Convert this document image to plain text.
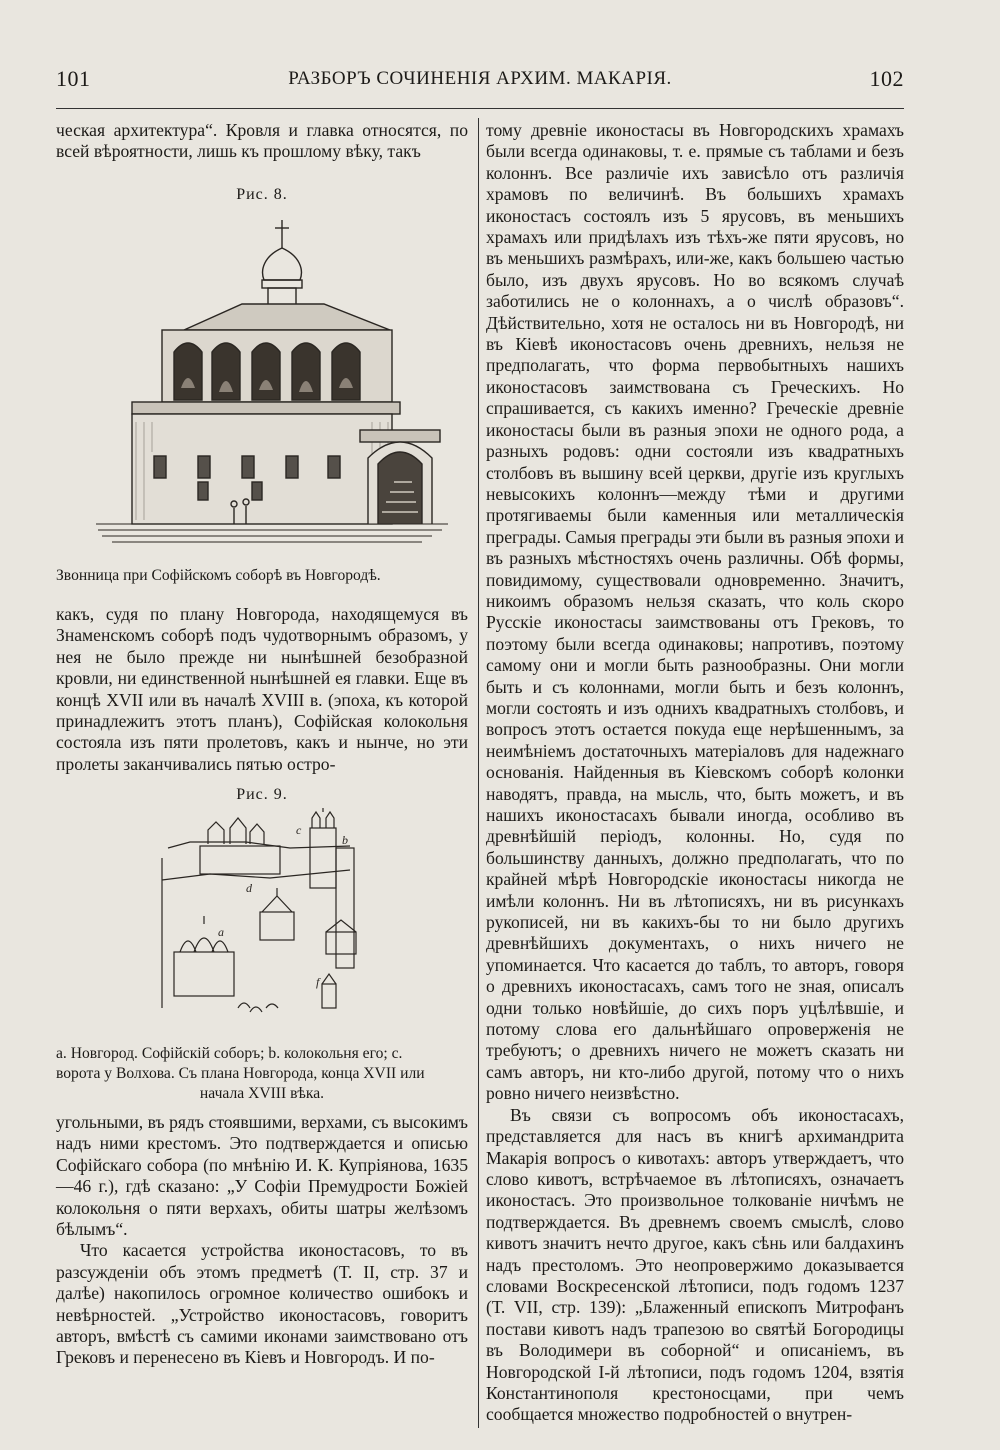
101	РАЗБОРЪ СОЧИНЕНІЯ АРХИМ. МАКАРІЯ.	102

ческая архитектура“. Кровля и главка относятся, по всей вѣроятности, лишь къ прошлому вѣку, такъ

Рис. 8.
Звонница при Софійскомъ соборѣ въ Новгородѣ.

какъ, судя по плану Новгорода, находящемуся въ Знаменскомъ соборѣ подъ чудотворнымъ образомъ, у нея не было прежде ни нынѣшней безобразной кровли, ни единственной нынѣшней ея главки. Еще въ концѣ XVII или въ началѣ XVIII в. (эпоха, къ которой принадлежитъ этотъ планъ), Софійская колокольня состояла изъ пяти пролетовъ, какъ и нынче, но эти пролеты заканчивались пятью остро-

Рис. 9.
a
c
b
d
f
a. Новгород. Софійскій соборъ; b. колокольня его; c.
ворота у Волхова. Съ плана Новгорода, конца XVII или
начала XVIII вѣка.

угольными, въ рядъ стоявшими, верхами, съ высокимъ надъ ними крестомъ. Это подтверждается и описью Софійскаго собора (по мнѣнію И. К. Купріянова, 1635—46 г.), гдѣ сказано: „У Софіи Премудрости Божіей колокольня о пяти верхахъ, обиты шатры желѣзомъ бѣлымъ“.

Что касается устройства иконостасовъ, то въ разсужденіи объ этомъ предметѣ (Т. II, стр. 37 и далѣе) накопилось огромное количество ошибокъ и невѣрностей. „Устройство иконостасовъ, говоритъ авторъ, вмѣстѣ съ самими иконами заимствовано отъ Грековъ и перенесено въ Кіевъ и Новгородъ. И по-

тому древніе иконостасы въ Новгородскихъ храмахъ были всегда одинаковы, т. е. прямые съ таблами и безъ колоннъ. Все различіе ихъ зависѣло отъ различія храмовъ по величинѣ. Въ большихъ храмахъ иконостасъ состоялъ изъ 5 ярусовъ, въ меньшихъ храмахъ или придѣлахъ изъ тѣхъ-же пяти ярусовъ, но въ меньшихъ размѣрахъ, или-же, какъ большею частью было, изъ двухъ ярусовъ. Но во всякомъ случаѣ заботились не о колоннахъ, а о числѣ образовъ“. Дѣйствительно, хотя не осталось ни въ Новгородѣ, ни въ Кіевѣ иконостасовъ очень древнихъ, нельзя не предполагать, что форма первобытныхъ нашихъ иконостасовъ заимствована съ Греческихъ. Но спрашивается, съ какихъ именно? Греческіе древніе иконостасы были въ разныя эпохи не одного рода, а разныхъ родовъ: одни состояли изъ квадратныхъ столбовъ въ вышину всей церкви, другіе изъ круглыхъ невысокихъ колоннъ—между тѣми и другими протягиваемы были каменныя или металлическія преграды. Самыя преграды эти были въ разныя эпохи и въ разныхъ мѣстностяхъ очень различны. Обѣ формы, повидимому, существовали одновременно. Значитъ, никоимъ образомъ нельзя сказать, что коль скоро Русскіе иконостасы заимствованы отъ Грековъ, то поэтому были всегда одинаковы; напротивъ, поэтому самому они и могли быть разнообразны. Они могли быть и съ колоннами, могли быть и безъ колоннъ, могли состоять и изъ однихъ квадратныхъ столбовъ, и вопросъ этотъ остается покуда еще нерѣшеннымъ, за неимѣніемъ достаточныхъ матеріаловъ для надежнаго основанія. Найденныя въ Кіевскомъ соборѣ колонки наводятъ, правда, на мысль, что, быть можетъ, и въ нашихъ иконостасахъ бывали иногда, особливо въ древнѣйшій періодъ, колонны. Но, судя по большинству данныхъ, должно предполагать, что по крайней мѣрѣ Новгородскіе иконостасы никогда не имѣли колоннъ. Ни въ лѣтописяхъ, ни въ рисункахъ рукописей, ни въ какихъ-бы то ни было другихъ древнѣйшихъ документахъ, о нихъ ничего не упоминается. Что касается до таблъ, то авторъ, говоря о древнихъ иконостасахъ, самъ того не зная, описалъ одни только новѣйшіе, до сихъ поръ уцѣлѣвшіе, и потому слова его дальнѣйшаго опроверженія не требуютъ; о древнихъ ничего не можетъ сказать ни самъ авторъ, ни кто-либо другой, потому что о нихъ ровно ничего неизвѣстно.

Въ связи съ вопросомъ объ иконостасахъ, представляется для насъ въ книгѣ архимандрита Макарія вопросъ о кивотахъ: авторъ утверждаетъ, что слово кивотъ, встрѣчаемое въ лѣтописяхъ, означаетъ иконостасъ. Это произвольное толкованіе ничѣмъ не подтверждается. Въ древнемъ своемъ смыслѣ, слово кивотъ значитъ нечто другое, какъ сѣнь или балдахинъ надъ престоломъ. Это неопровержимо доказывается словами Воскресенской лѣтописи, подъ годомъ 1237 (Т. VII, стр. 139): „Блаженный епископъ Митрофанъ постави кивотъ надъ трапезою во святѣй Богородицы въ Володимери въ соборной“ и описаніемъ, въ Новгородской I-й лѣтописи, подъ годомъ 1204, взятія Константинополя крестоносцами, при чемъ сообщается множество подробностей о внутрен-
